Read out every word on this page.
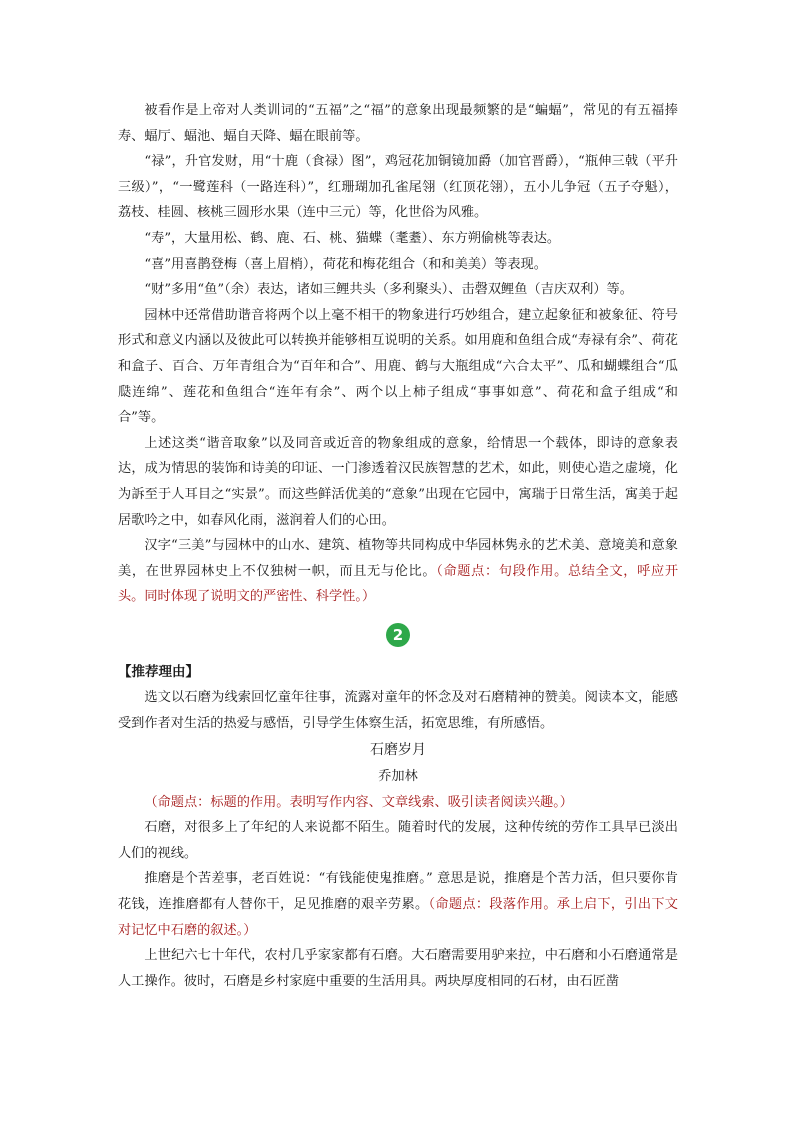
被看作是上帝对人类训词的“五福”之“福”的意象出现最频繁的是“蝙蝠”，常见的有五福捧寿、蝠厅、蝠池、蝠自天降、蝠在眼前等。

“禄”，升官发财，用“十鹿（食禄）图”，鸡冠花加铜镜加爵（加官晋爵），“瓶伸三戟（平升三级）”，“一鹭莲科（一路连科）”，红珊瑚加孔雀尾翎（红顶花翎），五小儿争冠（五子夺魁），荔枝、桂圆、核桃三圆形水果（连中三元）等，化世俗为风雅。

“寿”，大量用松、鹤、鹿、石、桃、猫蝶（耄耋）、东方朔偷桃等表达。

“喜”用喜鹊登梅（喜上眉梢），荷花和梅花组合（和和美美）等表现。

“财”多用“鱼”（余）表达，诸如三鲤共头（多利聚头）、击磬双鲤鱼（吉庆双利）等。

园林中还常借助谐音将两个以上毫不相干的物象进行巧妙组合，建立起象征和被象征、符号形式和意义内涵以及彼此可以转换并能够相互说明的关系。如用鹿和鱼组合成“寿禄有余”、荷花和盒子、百合、万年青组合为“百年和合”、用鹿、鹤与大瓶组成“六合太平”、瓜和蝴蝶组合“瓜瓞连绵”、莲花和鱼组合“连年有余”、两个以上柿子组成“事事如意”、荷花和盒子组成“和合”等。

上述这类“谐音取象”以及同音或近音的物象组成的意象，给情思一个载体，即诗的意象表达，成为情思的装饰和诗美的印证、一门渗透着汉民族智慧的艺术，如此，则使心造之虚境，化为訴至于人耳目之“实景”。而这些鲜活优美的“意象”出现在它园中，寓瑞于日常生活，寓美于起居歌吟之中，如春风化雨，滋润着人们的心田。

汉字“三美”与园林中的山水、建筑、植物等共同构成中华园林隽永的艺术美、意境美和意象美，在世界园林史上不仅独树一帜，而且无与伦比。（命题点：句段作用。总结全文，呼应开头。同时体现了说明文的严密性、科学性。）

2

【推荐理由】

选文以石磨为线索回忆童年往事，流露对童年的怀念及对石磨精神的赞美。阅读本文，能感受到作者对生活的热爱与感悟，引导学生体察生活，拓宽思维，有所感悟。

石磨岁月

乔加林

（命题点：标题的作用。表明写作内容、文章线索、吸引读者阅读兴趣。）

石磨，对很多上了年纪的人来说都不陌生。随着时代的发展，这种传统的劳作工具早已淡出人们的视线。

推磨是个苦差事，老百姓说：“有钱能使鬼推磨。” 意思是说，推磨是个苦力活，但只要你肯花钱，连推磨都有人替你干，足见推磨的艰辛劳累。（命题点：段落作用。承上启下，引出下文对记忆中石磨的叙述。）

上世纪六七十年代，农村几乎家家都有石磨。大石磨需要用驴来拉，中石磨和小石磨通常是人工操作。彼时，石磨是乡村家庭中重要的生活用具。两块厚度相同的石材，由石匠凿
